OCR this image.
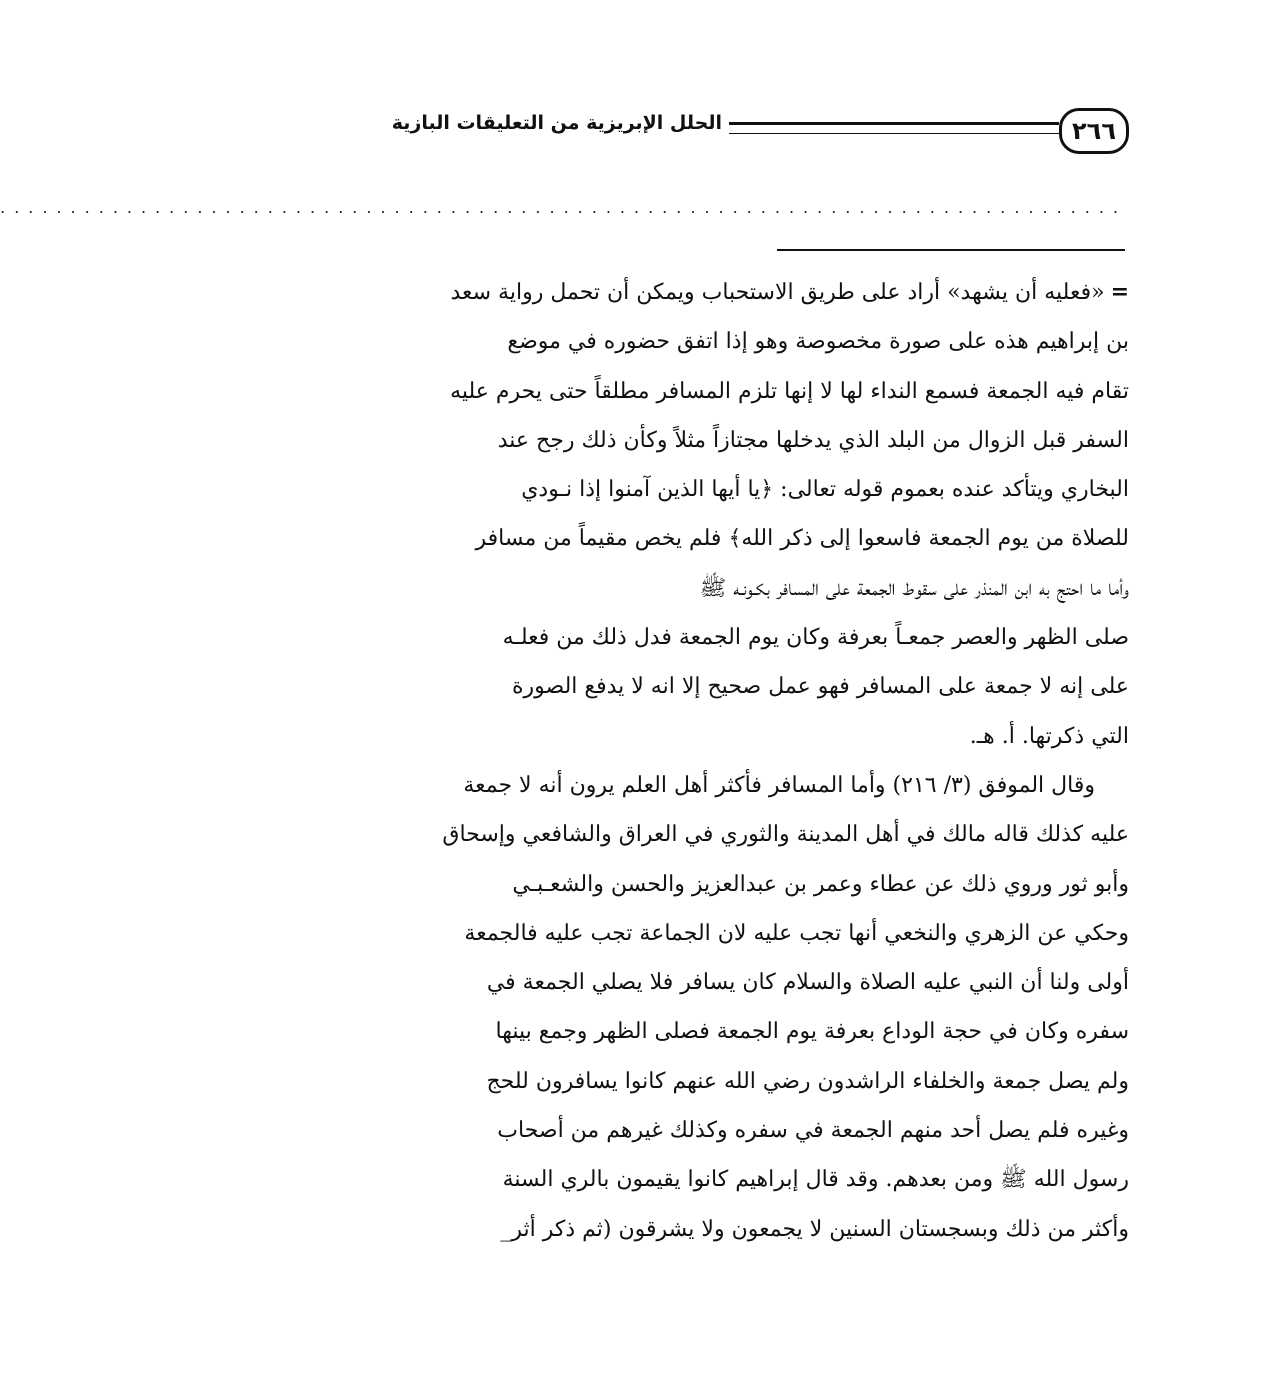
٢٦٦
الحلل الإبريزية من التعليقات البازية
................................................................................
=«فعليه أن يشهد» أراد على طريق الاستحباب ويمكن أن تحمل رواية سعد
بن إبراهيم هذه على صورة مخصوصة وهو إذا اتفق حضوره في موضع
تقام فيه الجمعة فسمع النداء لها لا إنها تلزم المسافر مطلقاً حتى يحرم عليه
السفر قبل الزوال من البلد الذي يدخلها مجتازاً مثلاً وكأن ذلك رجح عند
البخاري ويتأكد عنده بعموم قوله تعالى: ﴿يا أيها الذين آمنوا إذا نـودي
للصلاة من يوم الجمعة فاسعوا إلى ذكر الله﴾ فلم يخص مقيماً من مسافر
وأما ما احتج به ابن المنذر على سقوط الجمعة على المسافر بكـونـه ﷺ
صلى الظهر والعصر جمعـاً بعرفة وكان يوم الجمعة فدل ذلك من فعلـه
على إنه لا جمعة على المسافر فهو عمل صحيح إلا انه لا يدفع الصورة
التي ذكرتها. أ. هـ.
وقال الموفق (٣/ ٢١٦) وأما المسافر فأكثر أهل العلم يرون أنه لا جمعة
عليه كذلك قاله مالك في أهل المدينة والثوري في العراق والشافعي وإسحاق
وأبو ثور وروي ذلك عن عطاء وعمر بن عبدالعزيز والحسن والشعـبـي
وحكي عن الزهري والنخعي أنها تجب عليه لان الجماعة تجب عليه فالجمعة
أولى ولنا أن النبي عليه الصلاة والسلام كان يسافر فلا يصلي الجمعة في
سفره وكان في حجة الوداع بعرفة يوم الجمعة فصلى الظهر وجمع بينها
ولم يصل جمعة والخلفاء الراشدون رضي الله عنهم كانوا يسافرون للحج
وغيره فلم يصل أحد منهم الجمعة في سفره وكذلك غيرهم من أصحاب
رسول الله ﷺ ومن بعدهم. وقد قال إبراهيم كانوا يقيمون بالري السنة
وأكثر من ذلك وبسجستان السنين لا يجمعون ولا يشرقون (ثم ذكر أثر_
